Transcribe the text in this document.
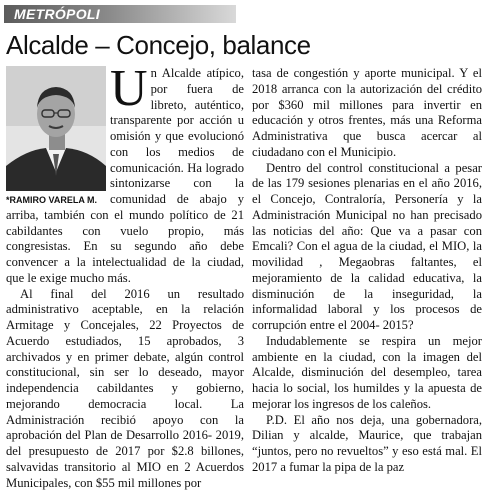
METRÓPOLI
Alcalde – Concejo, balance
*RAMIRO VARELA M.

Un Alcalde atípico, por fuera de libreto, auténtico, transparente por acción u omisión y que evolucionó con los medios de comunicación. Ha logrado sintonizarse con la comunidad de abajo y arriba, también con el mundo político de 21 cabildantes con vuelo propio, más congresistas. En su segundo año debe convencer a la intelectualidad de la ciudad, que le exige mucho más.

Al final del 2016 un resultado administrativo aceptable, en la relación Armitage y Concejales, 22 Proyectos de Acuerdo estudiados, 15 aprobados, 3 archivados y en primer debate, algún control constitucional, sin ser lo deseado, mayor independencia cabildantes y gobierno, mejorando democracia local. La Administración recibió apoyo con la aprobación del Plan de Desarrollo 2016- 2019, del presupuesto de 2017 por $2.8 billones, salvavidas transitorio al MIO en 2 Acuerdos Municipales, con $55 mil millones por

tasa de congestión y aporte municipal. Y el 2018 arranca con la autorización del crédito por $360 mil millones para invertir en educación y otros frentes, más una Reforma Administrativa que busca acercar al ciudadano con el Municipio.

Dentro del control constitucional a pesar de las 179 sesiones plenarias en el año 2016, el Concejo, Contraloría, Personería y la Administración Municipal no han precisado las noticias del año: Que va a pasar con Emcali? Con el agua de la ciudad, el MIO, la movilidad , Megaobras faltantes, el mejoramiento de la calidad educativa, la disminución de la inseguridad, la informalidad laboral y los procesos de corrupción entre el 2004- 2015?

Indudablemente se respira un mejor ambiente en la ciudad, con la imagen del Alcalde, disminución del desempleo, tarea hacia lo social, los humildes y la apuesta de mejorar los ingresos de los caleños.

P.D. El año nos deja, una gobernadora, Dilian y alcalde, Maurice, que trabajan “juntos, pero no revueltos” y eso está mal. El 2017 a fumar la pipa de la paz
